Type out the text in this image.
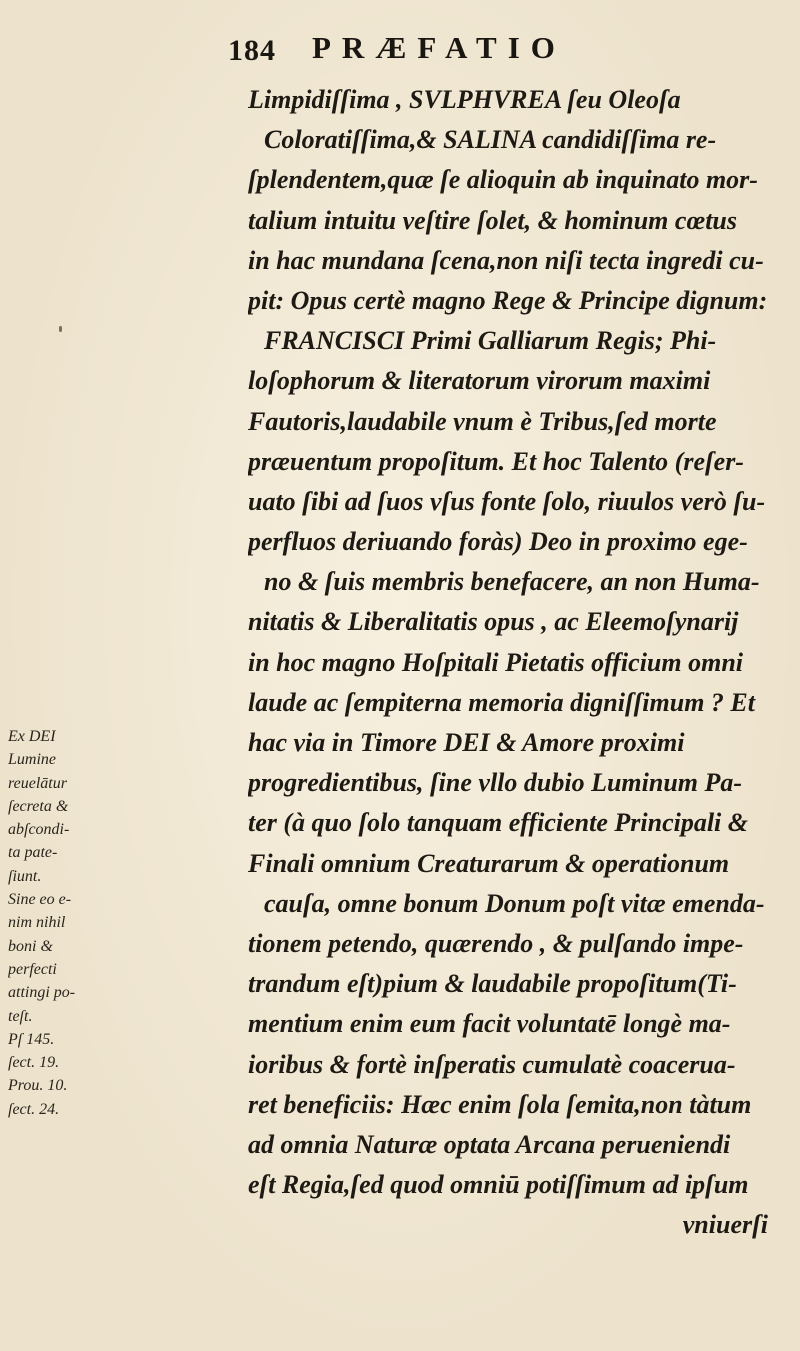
184 PRÆFATIO
Limpidiſſima , SVLPHVREA ſeu Oleoſa
Coloratiſſima,& SALINA candidiſſima re-
ſplendentem,quæ ſe alioquin ab inquinato mor-
talium intuitu veſtire ſolet, & hominum cœtus
in hac mundana ſcena,non niſi tecta ingredi cu-
pit: Opus certè magno Rege & Principe dignum:
FRANCISCI Primi Galliarum Regis; Phi-
loſophorum & literatorum virorum maximi
Fautoris,laudabile vnum è Tribus,ſed morte
præuentum propoſitum. Et hoc Talento (reſer-
uato ſibi ad ſuos vſus fonte ſolo, riuulos verò ſu-
perfluos deriuando foràs) Deo in proximo ege-
no & ſuis membris benefacere, an non Huma-
nitatis & Liberalitatis opus , ac Eleemoſynarij
in hoc magno Hoſpitali Pietatis officium omni
laude ac ſempiterna memoria digniſſimum ? Et
hac via in Timore DEI & Amore proximi
progredientibus, ſine vllo dubio Luminum Pa-
ter (à quo ſolo tanquam efficiente Principali &
Finali omnium Creaturarum & operationum
cauſa, omne bonum Donum poſt vitæ emenda-
tionem petendo, quærendo , & pulſando impe-
trandum eſt)pium & laudabile propoſitum(Ti-
mentium enim eum facit voluntatē longè ma-
ioribus & fortè inſperatis cumulatè coacerua-
ret beneficiis: Hæc enim ſola ſemita,non tàtum
ad omnia Naturæ optata Arcana perueniendi
eſt Regia,ſed quod omniū potiſſimum ad ipſum
vniuerſi
Ex DEI
Lumine
reuelātur
ſecreta &
abſcondi-
ta pate-
ſiunt.
Sine eo e-
nim nihil
boni &
perfecti
attingi po-
teſt.
Pſ 145.
ſect. 19.
Prou. 10.
ſect. 24.
